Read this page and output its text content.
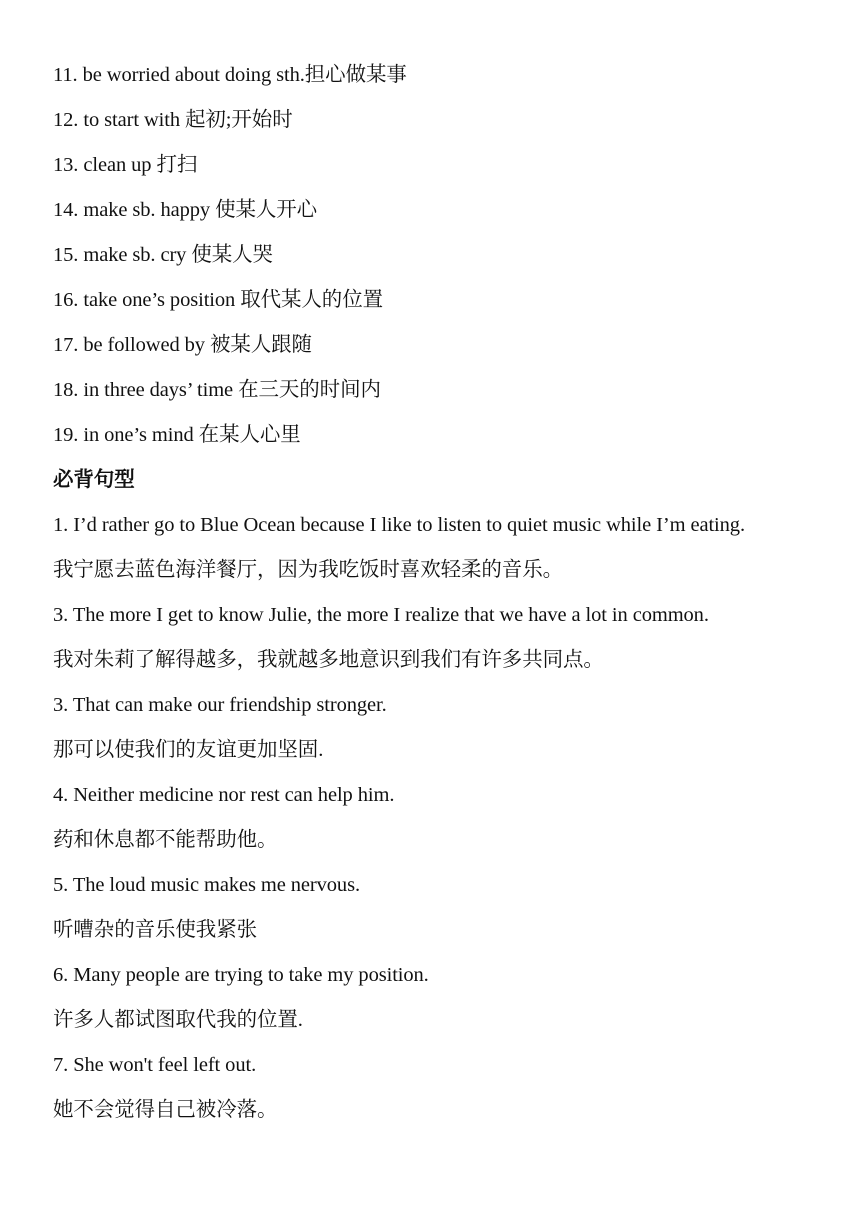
11. be worried about doing sth.担心做某事
12. to start with 起初;开始时
13. clean up 打扫
14. make sb. happy 使某人开心
15. make sb. cry 使某人哭
16. take one’s position 取代某人的位置
17. be followed by 被某人跟随
18. in three days’ time 在三天的时间内
19. in one’s mind 在某人心里
必背句型
1. I’d rather go to Blue Ocean because I like to listen to quiet music while I’m eating.
我宁愿去蓝色海洋餐厅，因为我吃饭时喜欢轻柔的音乐。
3. The more I get to know Julie, the more I realize that we have a lot in common.
我对朱莉了解得越多，我就越多地意识到我们有许多共同点。
3. That can make our friendship stronger.
那可以使我们的友谊更加坚固.
4. Neither medicine nor rest can help him.
药和休息都不能帮助他。
5. The loud music makes me nervous.
听嘈杂的音乐使我紧张
6. Many people are trying to take my position.
许多人都试图取代我的位置.
7. She won't feel left out.
她不会觉得自己被冷落。
